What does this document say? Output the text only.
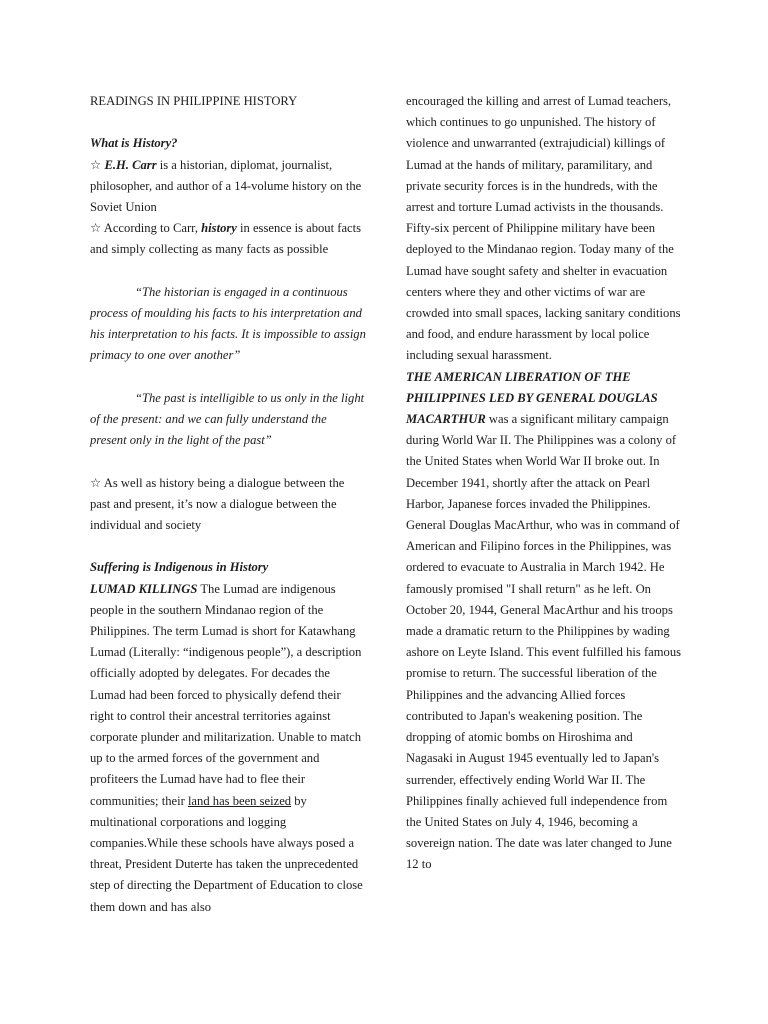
READINGS IN PHILIPPINE HISTORY

What is History?

☆ E.H. Carr is a historian, diplomat, journalist, philosopher, and author of a 14-volume history on the Soviet Union

☆ According to Carr, history in essence is about facts and simply collecting as many facts as possible

“The historian is engaged in a continuous process of moulding his facts to his interpretation and his interpretation to his facts. It is impossible to assign primacy to one over another”

“The past is intelligible to us only in the light of the present: and we can fully understand the present only in the light of the past”

☆ As well as history being a dialogue between the past and present, it’s now a dialogue between the individual and society

Suffering is Indigenous in History

LUMAD KILLINGS The Lumad are indigenous people in the southern Mindanao region of the Philippines. The term Lumad is short for Katawhang Lumad (Literally: “indigenous people”), a description officially adopted by delegates. For decades the Lumad had been forced to physically defend their right to control their ancestral territories against corporate plunder and militarization. Unable to match up to the armed forces of the government and profiteers the Lumad have had to flee their communities; their land has been seized by multinational corporations and logging companies.While these schools have always posed a threat, President Duterte has taken the unprecedented step of directing the Department of Education to close them down and has also

encouraged the killing and arrest of Lumad teachers, which continues to go unpunished. The history of violence and unwarranted (extrajudicial) killings of Lumad at the hands of military, paramilitary, and private security forces is in the hundreds, with the arrest and torture Lumad activists in the thousands. Fifty-six percent of Philippine military have been deployed to the Mindanao region. Today many of the Lumad have sought safety and shelter in evacuation centers where they and other victims of war are crowded into small spaces, lacking sanitary conditions and food, and endure harassment by local police including sexual harassment.

THE AMERICAN LIBERATION OF THE PHILIPPINES LED BY GENERAL DOUGLAS

MACARTHUR was a significant military campaign during World War II. The Philippines was a colony of the United States when World War II broke out. In December 1941, shortly after the attack on Pearl Harbor, Japanese forces invaded the Philippines. General Douglas MacArthur, who was in command of American and Filipino forces in the Philippines, was ordered to evacuate to Australia in March 1942. He famously promised "I shall return" as he left. On October 20, 1944, General MacArthur and his troops made a dramatic return to the Philippines by wading ashore on Leyte Island. This event fulfilled his famous promise to return. The successful liberation of the Philippines and the advancing Allied forces contributed to Japan's weakening position. The dropping of atomic bombs on Hiroshima and Nagasaki in August 1945 eventually led to Japan's surrender, effectively ending World War II. The Philippines finally achieved full independence from the United States on July 4, 1946, becoming a sovereign nation. The date was later changed to June 12 to
